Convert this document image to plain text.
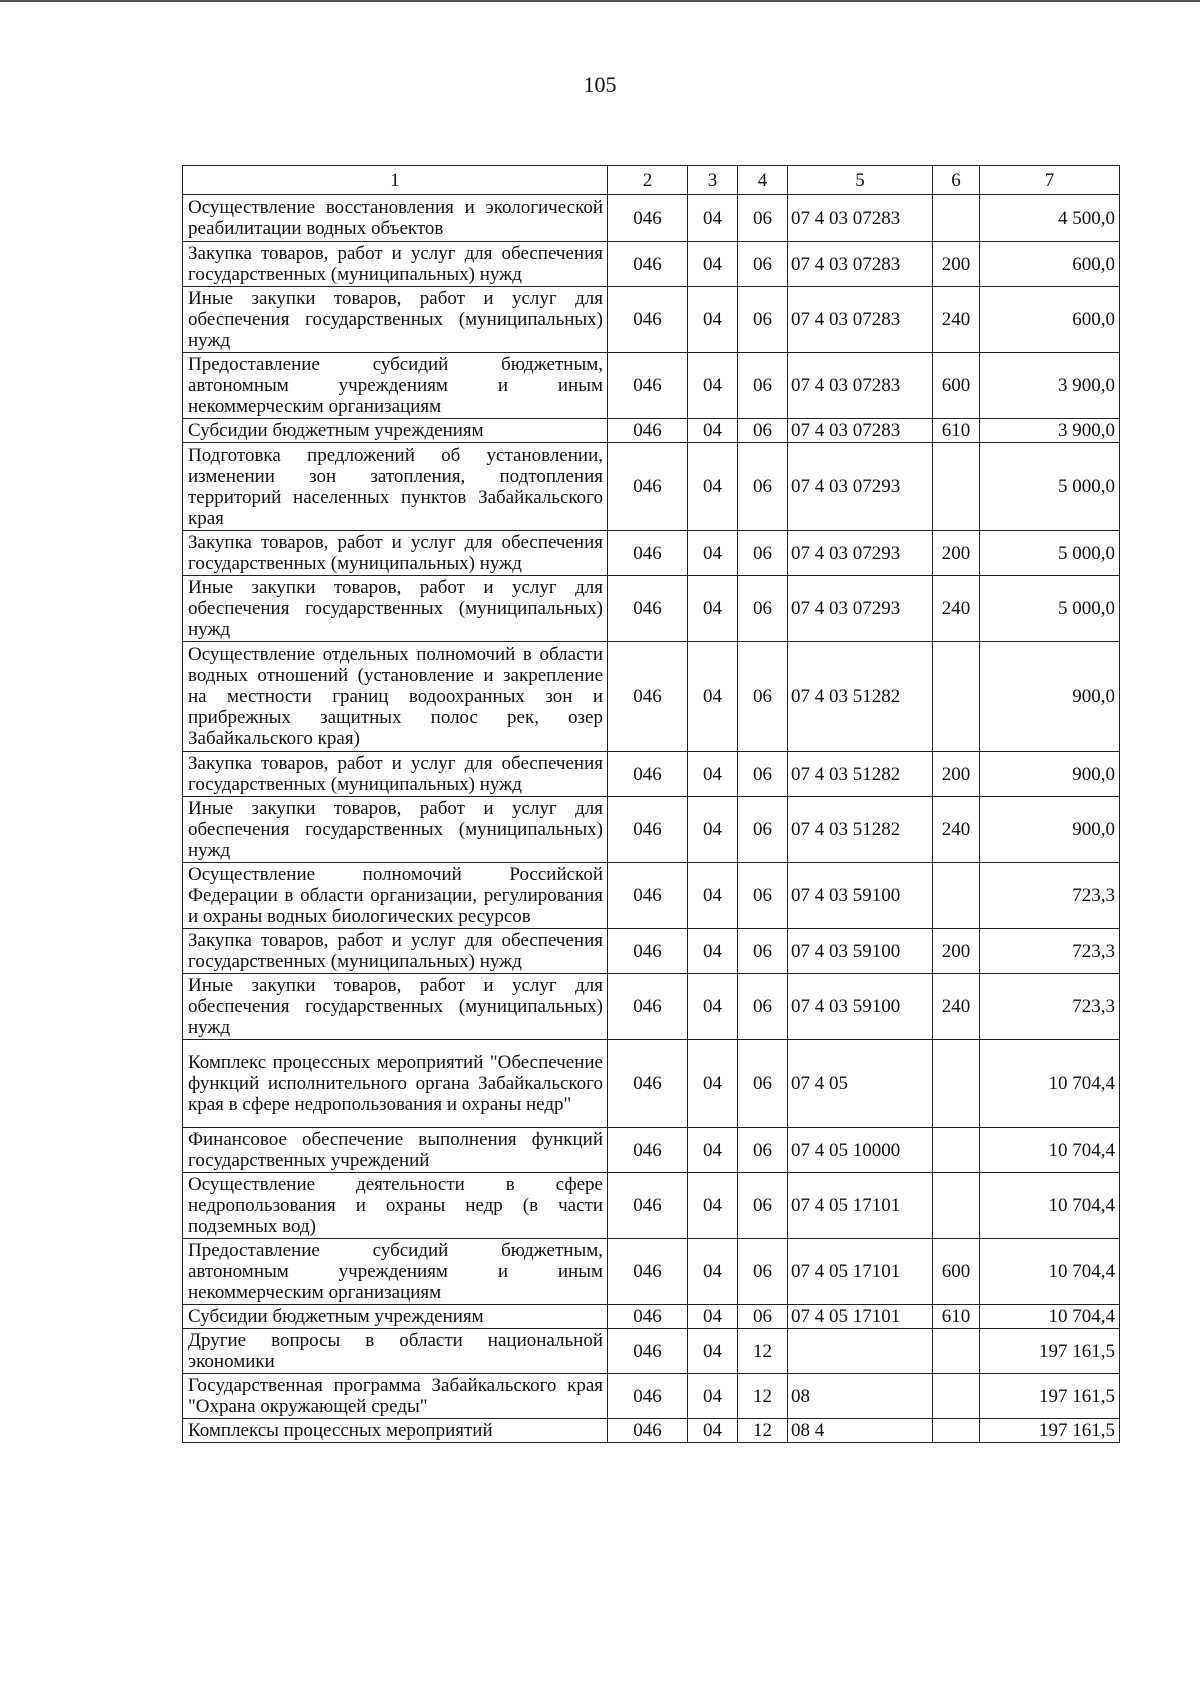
105
1	2	3	4	5	6	7
Осуществление восстановления и экологической реабилитации водных объектов	046	04	06	07 4 03 07283		4 500,0
Закупка товаров, работ и услуг для обеспечения государственных (муниципальных) нужд	046	04	06	07 4 03 07283	200	600,0
Иные закупки товаров, работ и услуг для обеспечения государственных (муниципальных) нужд	046	04	06	07 4 03 07283	240	600,0
Предоставление субсидий бюджетным, автономным учреждениям и иным некоммерческим организациям	046	04	06	07 4 03 07283	600	3 900,0
Субсидии бюджетным учреждениям	046	04	06	07 4 03 07283	610	3 900,0
Подготовка предложений об установлении, изменении зон затопления, подтопления территорий населенных пунктов Забайкальского края	046	04	06	07 4 03 07293		5 000,0
Закупка товаров, работ и услуг для обеспечения государственных (муниципальных) нужд	046	04	06	07 4 03 07293	200	5 000,0
Иные закупки товаров, работ и услуг для обеспечения государственных (муниципальных) нужд	046	04	06	07 4 03 07293	240	5 000,0
Осуществление отдельных полномочий в области водных отношений (установление и закрепление на местности границ водоохранных зон и прибрежных защитных полос рек, озер Забайкальского края)	046	04	06	07 4 03 51282		900,0
Закупка товаров, работ и услуг для обеспечения государственных (муниципальных) нужд	046	04	06	07 4 03 51282	200	900,0
Иные закупки товаров, работ и услуг для обеспечения государственных (муниципальных) нужд	046	04	06	07 4 03 51282	240	900,0
Осуществление полномочий Российской Федерации в области организации, регулирования и охраны водных биологических ресурсов	046	04	06	07 4 03 59100		723,3
Закупка товаров, работ и услуг для обеспечения государственных (муниципальных) нужд	046	04	06	07 4 03 59100	200	723,3
Иные закупки товаров, работ и услуг для обеспечения государственных (муниципальных) нужд	046	04	06	07 4 03 59100	240	723,3
Комплекс процессных мероприятий "Обеспечение функций исполнительного органа Забайкальского края в сфере недропользования и охраны недр"	046	04	06	07 4 05		10 704,4
Финансовое обеспечение выполнения функций государственных учреждений	046	04	06	07 4 05 10000		10 704,4
Осуществление деятельности в сфере недропользования и охраны недр (в части подземных вод)	046	04	06	07 4 05 17101		10 704,4
Предоставление субсидий бюджетным, автономным учреждениям и иным некоммерческим организациям	046	04	06	07 4 05 17101	600	10 704,4
Субсидии бюджетным учреждениям	046	04	06	07 4 05 17101	610	10 704,4
Другие вопросы в области национальной экономики	046	04	12			197 161,5
Государственная программа Забайкальского края "Охрана окружающей среды"	046	04	12	08		197 161,5
Комплексы процессных мероприятий	046	04	12	08 4		197 161,5
